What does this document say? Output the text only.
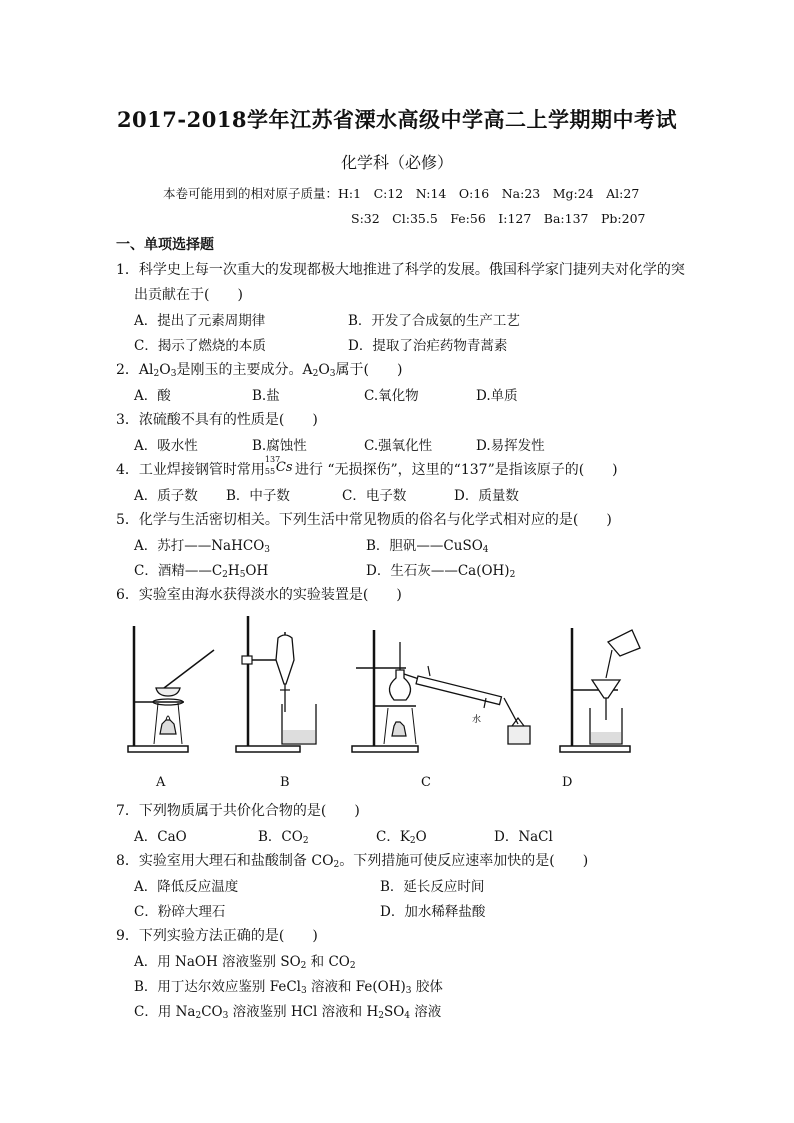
2017-2018学年江苏省溧水高级中学高二上学期期中考试
化学科（必修）
本卷可能用到的相对原子质量：H:1　C:12　N:14　O:16　Na:23　Mg:24　Al:27
S:32　Cl:35.5　Fe:56　I:127　Ba:137　Pb:207
一、单项选择题
1．科学史上每一次重大的发现都极大地推进了科学的发展。俄国科学家门捷列夫对化学的突
出贡献在于(　　)
A．提出了元素周期律	B．开发了合成氨的生产工艺
C．揭示了燃烧的本质	D．提取了治疟药物青蒿素
2．$Al_2O_3$是刚玉的主要成分。$A_2O_3$属于(　　)
A．酸	B.盐	C.氧化物	D.单质
3．浓硫酸不具有的性质是(　　)
A．吸水性	B.腐蚀性	C.强氧化性	D.易挥发性
4．工业焊接钢管时常用
137
55 Cs 进行 “无损探伤”，这里的“137”是指该原子的(　　)
A．质子数 B．中子数	C．电子数	D．质量数
5．化学与生活密切相关。下列生活中常见物质的俗名与化学式相对应的是(　　)
A．苏打——NaHCO$_3$	B．胆矾——CuSO$_4$
C．酒精$——C_2H_5OH$	D．生石灰$——Ca(OH)_2$
6．实验室由海水获得淡水的实验装置是(　　)
水
A	B	C	D
7．下列物质属于共价化合物的是(　　)
A．CaO	B．$CO_2$	C．$K_2O$	D．NaCl
8．实验室用大理石和盐酸制备 $CO_2$。下列措施可使反应速率加快的是(　　)
A．降低反应温度	B．延长反应时间
C．粉碎大理石	D．加水稀释盐酸
9．下列实验方法正确的是(　　)
A．用 NaOH 溶液鉴别 $SO_2$ 和 $CO_2$
B．用丁达尔效应鉴别 FeCl$_3$ 溶液和 $Fe(OH)_3$ 胶体
C．用 $Na_2CO_3$ 溶液鉴别 HCl 溶液和 $H_2SO_4$ 溶液
